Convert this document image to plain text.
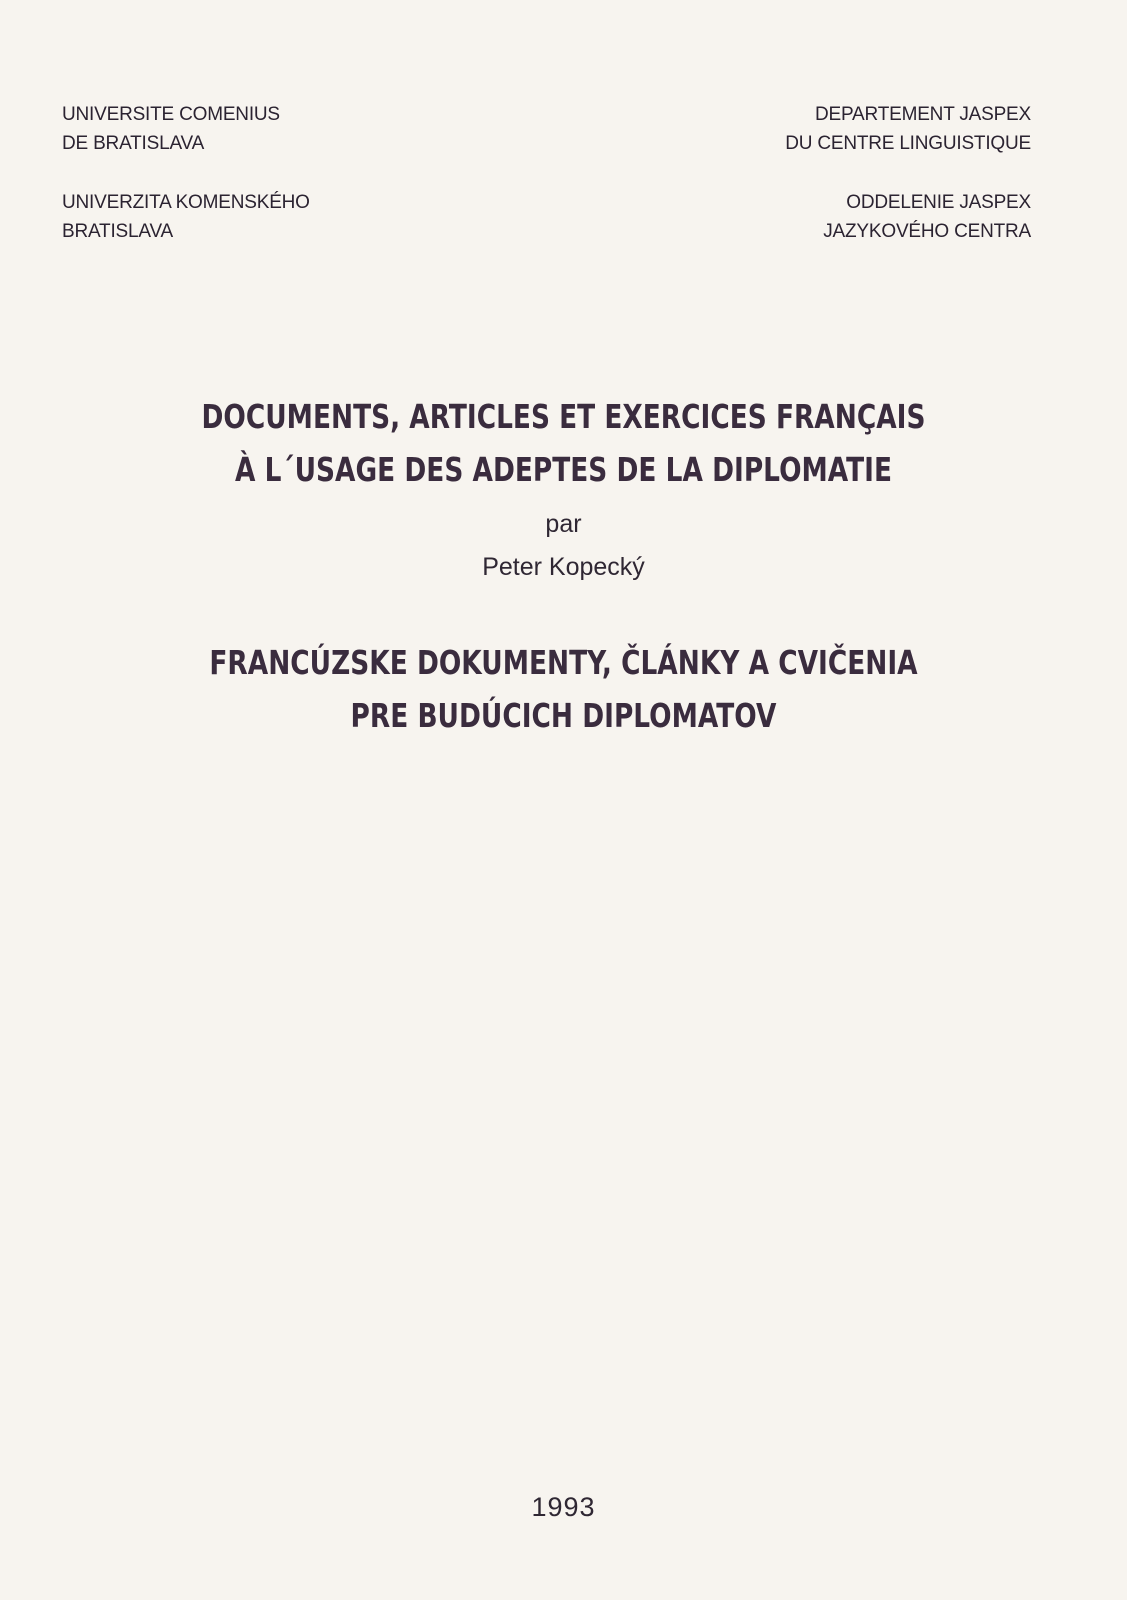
UNIVERSITE COMENIUS
DE BRATISLAVA
UNIVERZITA KOMENSKÉHO
BRATISLAVA
DEPARTEMENT JASPEX
DU CENTRE LINGUISTIQUE
ODDELENIE JASPEX
JAZYKOVÉHO CENTRA
DOCUMENTS, ARTICLES ET EXERCICES FRANÇAIS
À L´USAGE DES ADEPTES DE LA DIPLOMATIE
par
Peter Kopecký
FRANCÚZSKE DOKUMENTY, ČLÁNKY A CVIČENIA
PRE BUDÚCICH DIPLOMATOV
1993
